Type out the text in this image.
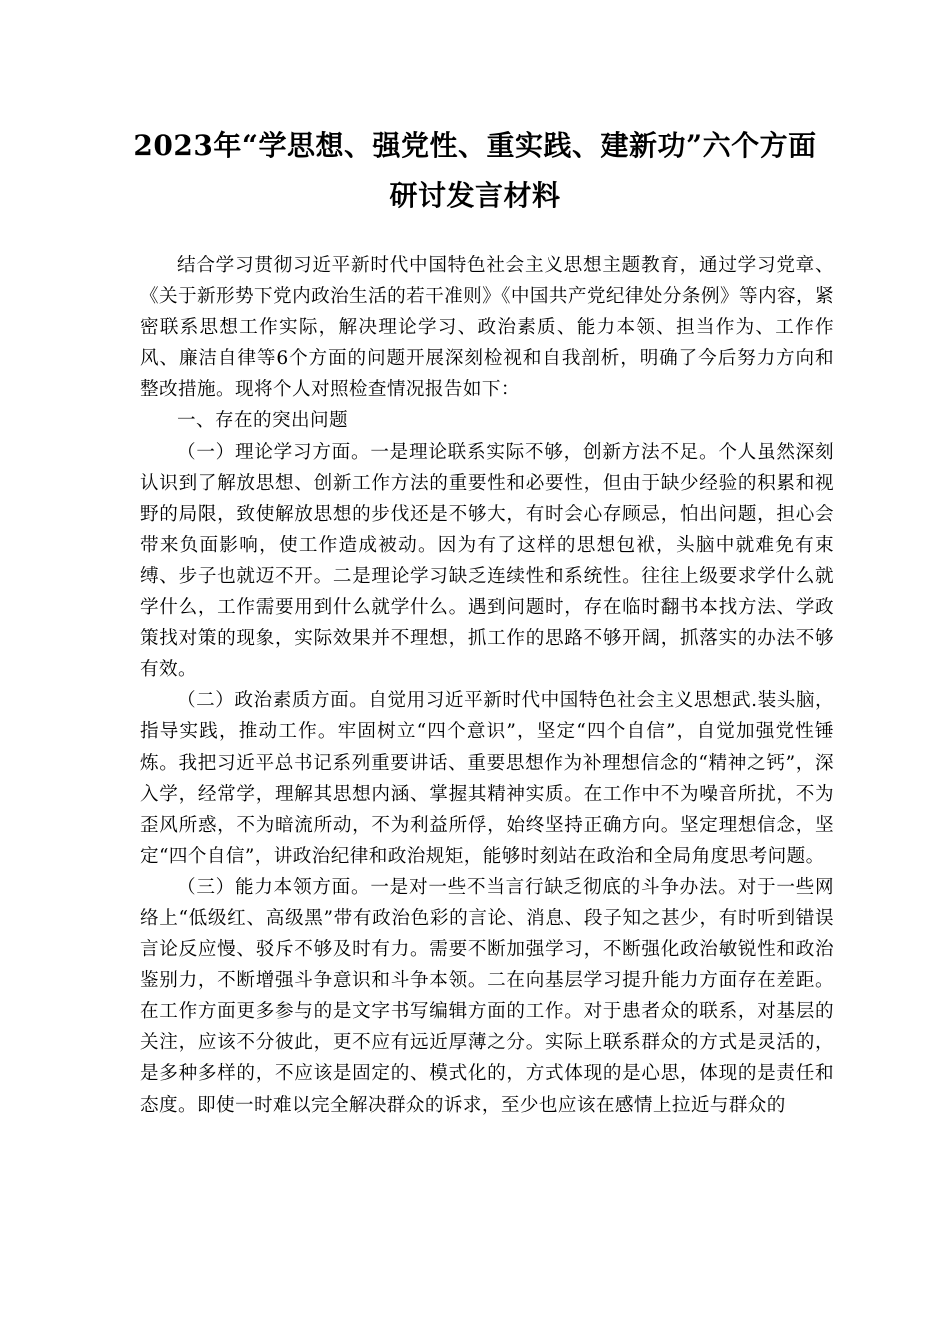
2023年“学思想、强党性、重实践、建新功”六个方面
研讨发言材料

结合学习贯彻习近平新时代中国特色社会主义思想主题教育，通过学习党章、《关于新形势下党内政治生活的若干准则》《中国共产党纪律处分条例》等内容，紧密联系思想工作实际，解决理论学习、政治素质、能力本领、担当作为、工作作风、廉洁自律等6个方面的问题开展深刻检视和自我剖析，明确了今后努力方向和整改措施。现将个人对照检查情况报告如下：

一、存在的突出问题

（一）理论学习方面。一是理论联系实际不够，创新方法不足。个人虽然深刻认识到了解放思想、创新工作方法的重要性和必要性，但由于缺少经验的积累和视野的局限，致使解放思想的步伐还是不够大，有时会心存顾忌，怕出问题，担心会带来负面影响，使工作造成被动。因为有了这样的思想包袱，头脑中就难免有束缚、步子也就迈不开。二是理论学习缺乏连续性和系统性。往往上级要求学什么就学什么，工作需要用到什么就学什么。遇到问题时，存在临时翻书本找方法、学政策找对策的现象，实际效果并不理想，抓工作的思路不够开阔，抓落实的办法不够有效。

（二）政治素质方面。自觉用习近平新时代中国特色社会主义思想武.装头脑，指导实践，推动工作。牢固树立“四个意识”，坚定“四个自信”，自觉加强党性锤炼。我把习近平总书记系列重要讲话、重要思想作为补理想信念的“精神之钙”，深入学，经常学，理解其思想内涵、掌握其精神实质。在工作中不为噪音所扰，不为歪风所惑，不为暗流所动，不为利益所俘，始终坚持正确方向。坚定理想信念，坚定“四个自信”，讲政治纪律和政治规矩，能够时刻站在政治和全局角度思考问题。

（三）能力本领方面。一是对一些不当言行缺乏彻底的斗争办法。对于一些网络上“低级红、高级黑”带有政治色彩的言论、消息、段子知之甚少，有时听到错误言论反应慢、驳斥不够及时有力。需要不断加强学习，不断强化政治敏锐性和政治鉴别力，不断增强斗争意识和斗争本领。二在向基层学习提升能力方面存在差距。在工作方面更多参与的是文字书写编辑方面的工作。对于患者众的联系，对基层的关注，应该不分彼此，更不应有远近厚薄之分。实际上联系群众的方式是灵活的，是多种多样的，不应该是固定的、模式化的，方式体现的是心思，体现的是责任和态度。即使一时难以完全解决群众的诉求，至少也应该在感情上拉近与群众的
